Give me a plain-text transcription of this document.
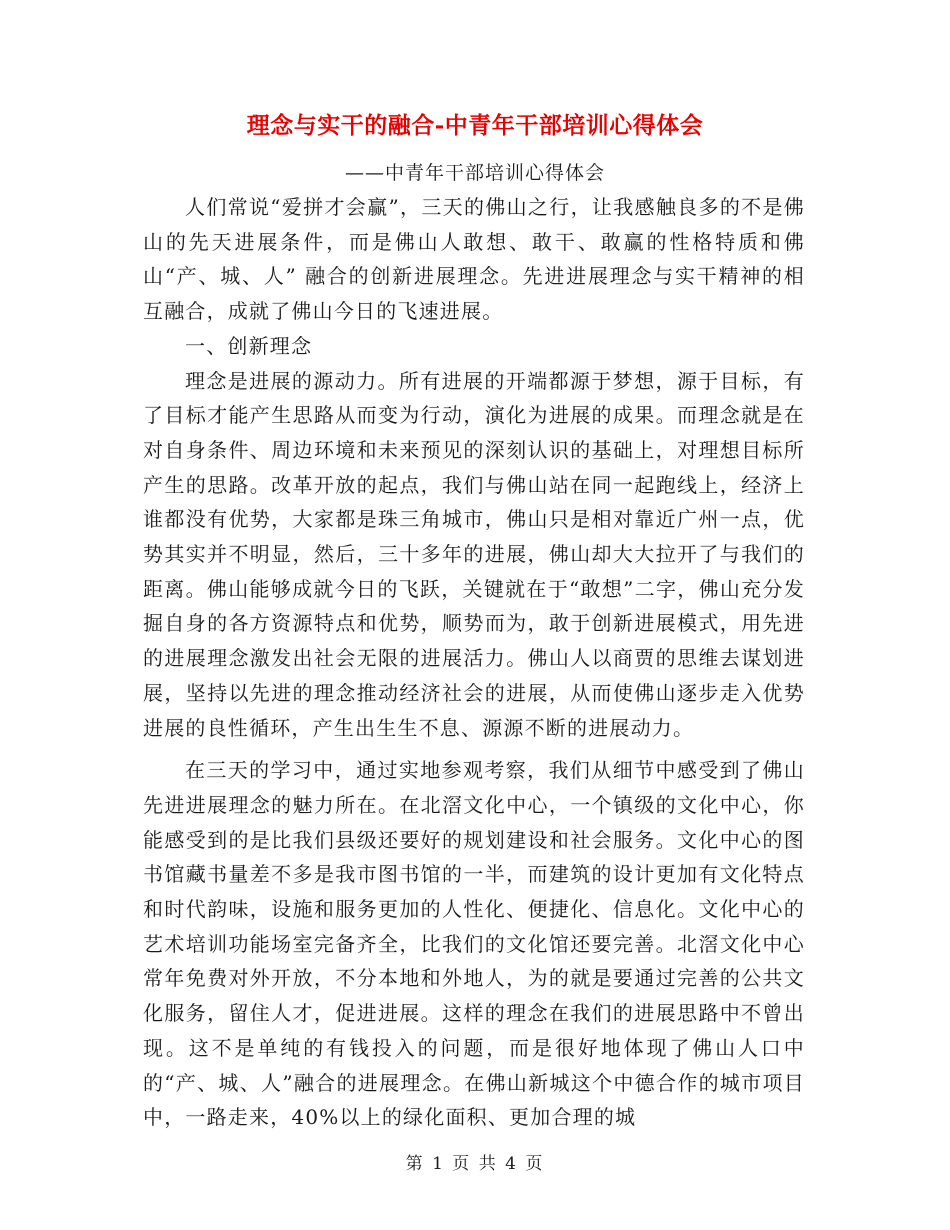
理念与实干的融合-中青年干部培训心得体会

——中青年干部培训心得体会

人们常说“爱拼才会赢”，三天的佛山之行，让我感触良多的不是佛山的先天进展条件，而是佛山人敢想、敢干、敢赢的性格特质和佛山“产、城、人” 融合的创新进展理念。先进进展理念与实干精神的相互融合，成就了佛山今日的飞速进展。

一、创新理念

理念是进展的源动力。所有进展的开端都源于梦想，源于目标，有了目标才能产生思路从而变为行动，演化为进展的成果。而理念就是在对自身条件、周边环境和未来预见的深刻认识的基础上，对理想目标所产生的思路。改革开放的起点，我们与佛山站在同一起跑线上，经济上谁都没有优势，大家都是珠三角城市，佛山只是相对靠近广州一点，优势其实并不明显，然后，三十多年的进展，佛山却大大拉开了与我们的距离。佛山能够成就今日的飞跃，关键就在于“敢想”二字，佛山充分发掘自身的各方资源特点和优势，顺势而为，敢于创新进展模式，用先进的进展理念激发出社会无限的进展活力。佛山人以商贾的思维去谋划进展，坚持以先进的理念推动经济社会的进展，从而使佛山逐步走入优势进展的良性循环，产生出生生不息、源源不断的进展动力。

在三天的学习中，通过实地参观考察，我们从细节中感受到了佛山先进进展理念的魅力所在。在北滘文化中心，一个镇级的文化中心，你能感受到的是比我们县级还要好的规划建设和社会服务。文化中心的图书馆藏书量差不多是我市图书馆的一半，而建筑的设计更加有文化特点和时代韵味，设施和服务更加的人性化、便捷化、信息化。文化中心的艺术培训功能场室完备齐全，比我们的文化馆还要完善。北滘文化中心常年免费对外开放，不分本地和外地人，为的就是要通过完善的公共文化服务，留住人才，促进进展。这样的理念在我们的进展思路中不曾出现。这不是单纯的有钱投入的问题，而是很好地体现了佛山人口中的“产、城、人”融合的进展理念。在佛山新城这个中德合作的城市项目中，一路走来，40%以上的绿化面积、更加合理的城

第 1 页 共 4 页
